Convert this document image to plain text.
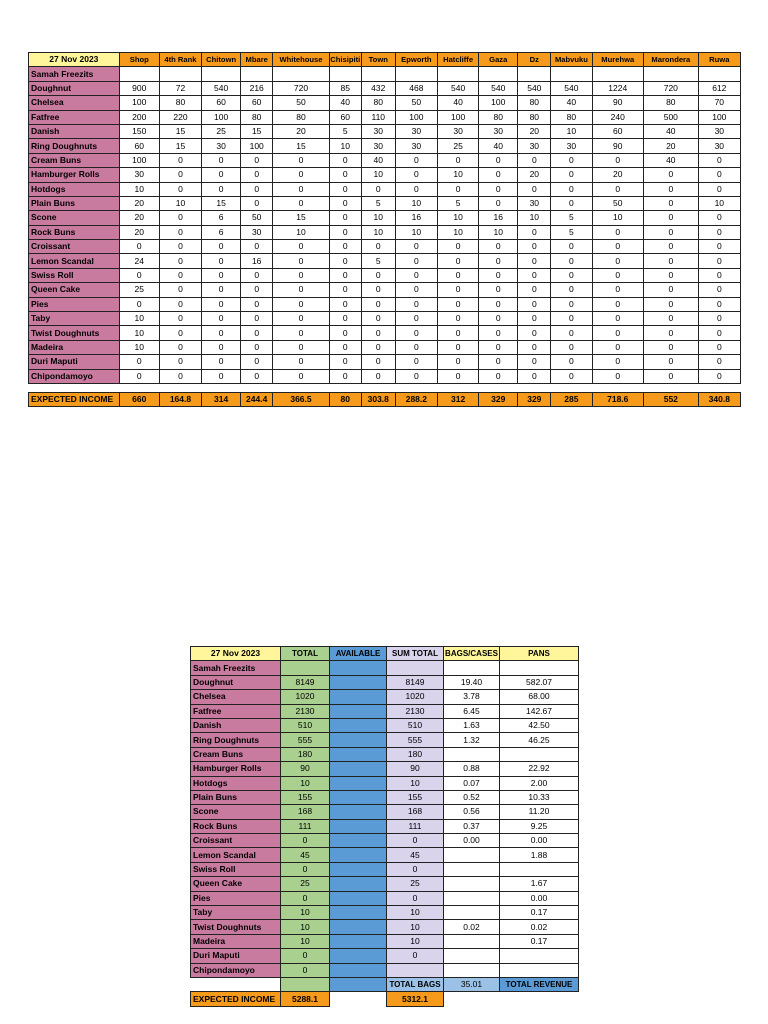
27 Nov 2023	Shop	4th Rank	Chitown	Mbare	Whitehouse	Chisipiti	Town	Epworth	Hatcliffe	Gaza	Dz	Mabvuku	Murehwa	Marondera	Ruwa
Samah Freezits															
Doughnut	900	72	540	216	720	85	432	468	540	540	540	540	1224	720	612
Chelsea	100	80	60	60	50	40	80	50	40	100	80	40	90	80	70
Fatfree	200	220	100	80	80	60	110	100	100	80	80	80	240	500	100
Danish	150	15	25	15	20	5	30	30	30	30	20	10	60	40	30
Ring Doughnuts	60	15	30	100	15	10	30	30	25	40	30	30	90	20	30
Cream Buns	100	0	0	0	0	0	40	0	0	0	0	0	0	40	0
Hamburger Rolls	30	0	0	0	0	0	10	0	10	0	20	0	20	0	0
Hotdogs	10	0	0	0	0	0	0	0	0	0	0	0	0	0	0
Plain Buns	20	10	15	0	0	0	5	10	5	0	30	0	50	0	10
Scone	20	0	6	50	15	0	10	16	10	16	10	5	10	0	0
Rock Buns	20	0	6	30	10	0	10	10	10	10	0	5	0	0	0
Croissant	0	0	0	0	0	0	0	0	0	0	0	0	0	0	0
Lemon Scandal	24	0	0	16	0	0	5	0	0	0	0	0	0	0	0
Swiss Roll	0	0	0	0	0	0	0	0	0	0	0	0	0	0	0
Queen Cake	25	0	0	0	0	0	0	0	0	0	0	0	0	0	0
Pies	0	0	0	0	0	0	0	0	0	0	0	0	0	0	0
Taby	10	0	0	0	0	0	0	0	0	0	0	0	0	0	0
Twist Doughnuts	10	0	0	0	0	0	0	0	0	0	0	0	0	0	0
Madeira	10	0	0	0	0	0	0	0	0	0	0	0	0	0	0
Duri Maputi	0	0	0	0	0	0	0	0	0	0	0	0	0	0	0
Chipondamoyo	0	0	0	0	0	0	0	0	0	0	0	0	0	0	0

EXPECTED INCOME	660	164.8	314	244.4	366.5	80	303.8	288.2	312	329	329	285	718.6	552	340.8
27 Nov 2023	TOTAL	AVAILABLE	SUM TOTAL	BAGS/CASES	PANS
Samah Freezits					
Doughnut	8149		8149	19.40	582.07
Chelsea	1020		1020	3.78	68.00
Fatfree	2130		2130	6.45	142.67
Danish	510		510	1.63	42.50
Ring Doughnuts	555		555	1.32	46.25
Cream Buns	180		180		
Hamburger Rolls	90		90	0.88	22.92
Hotdogs	10		10	0.07	2.00
Plain Buns	155		155	0.52	10.33
Scone	168		168	0.56	11.20
Rock Buns	111		111	0.37	9.25
Croissant	0		0	0.00	0.00
Lemon Scandal	45		45		1.88
Swiss Roll	0		0		
Queen Cake	25		25		1.67
Pies	0		0		0.00
Taby	10		10		0.17
Twist Doughnuts	10		10	0.02	0.02
Madeira	10		10		0.17
Duri Maputi	0		0		
Chipondamoyo	0				
			TOTAL BAGS	35.01	TOTAL REVENUE
EXPECTED INCOME	5288.1		5312.1		
